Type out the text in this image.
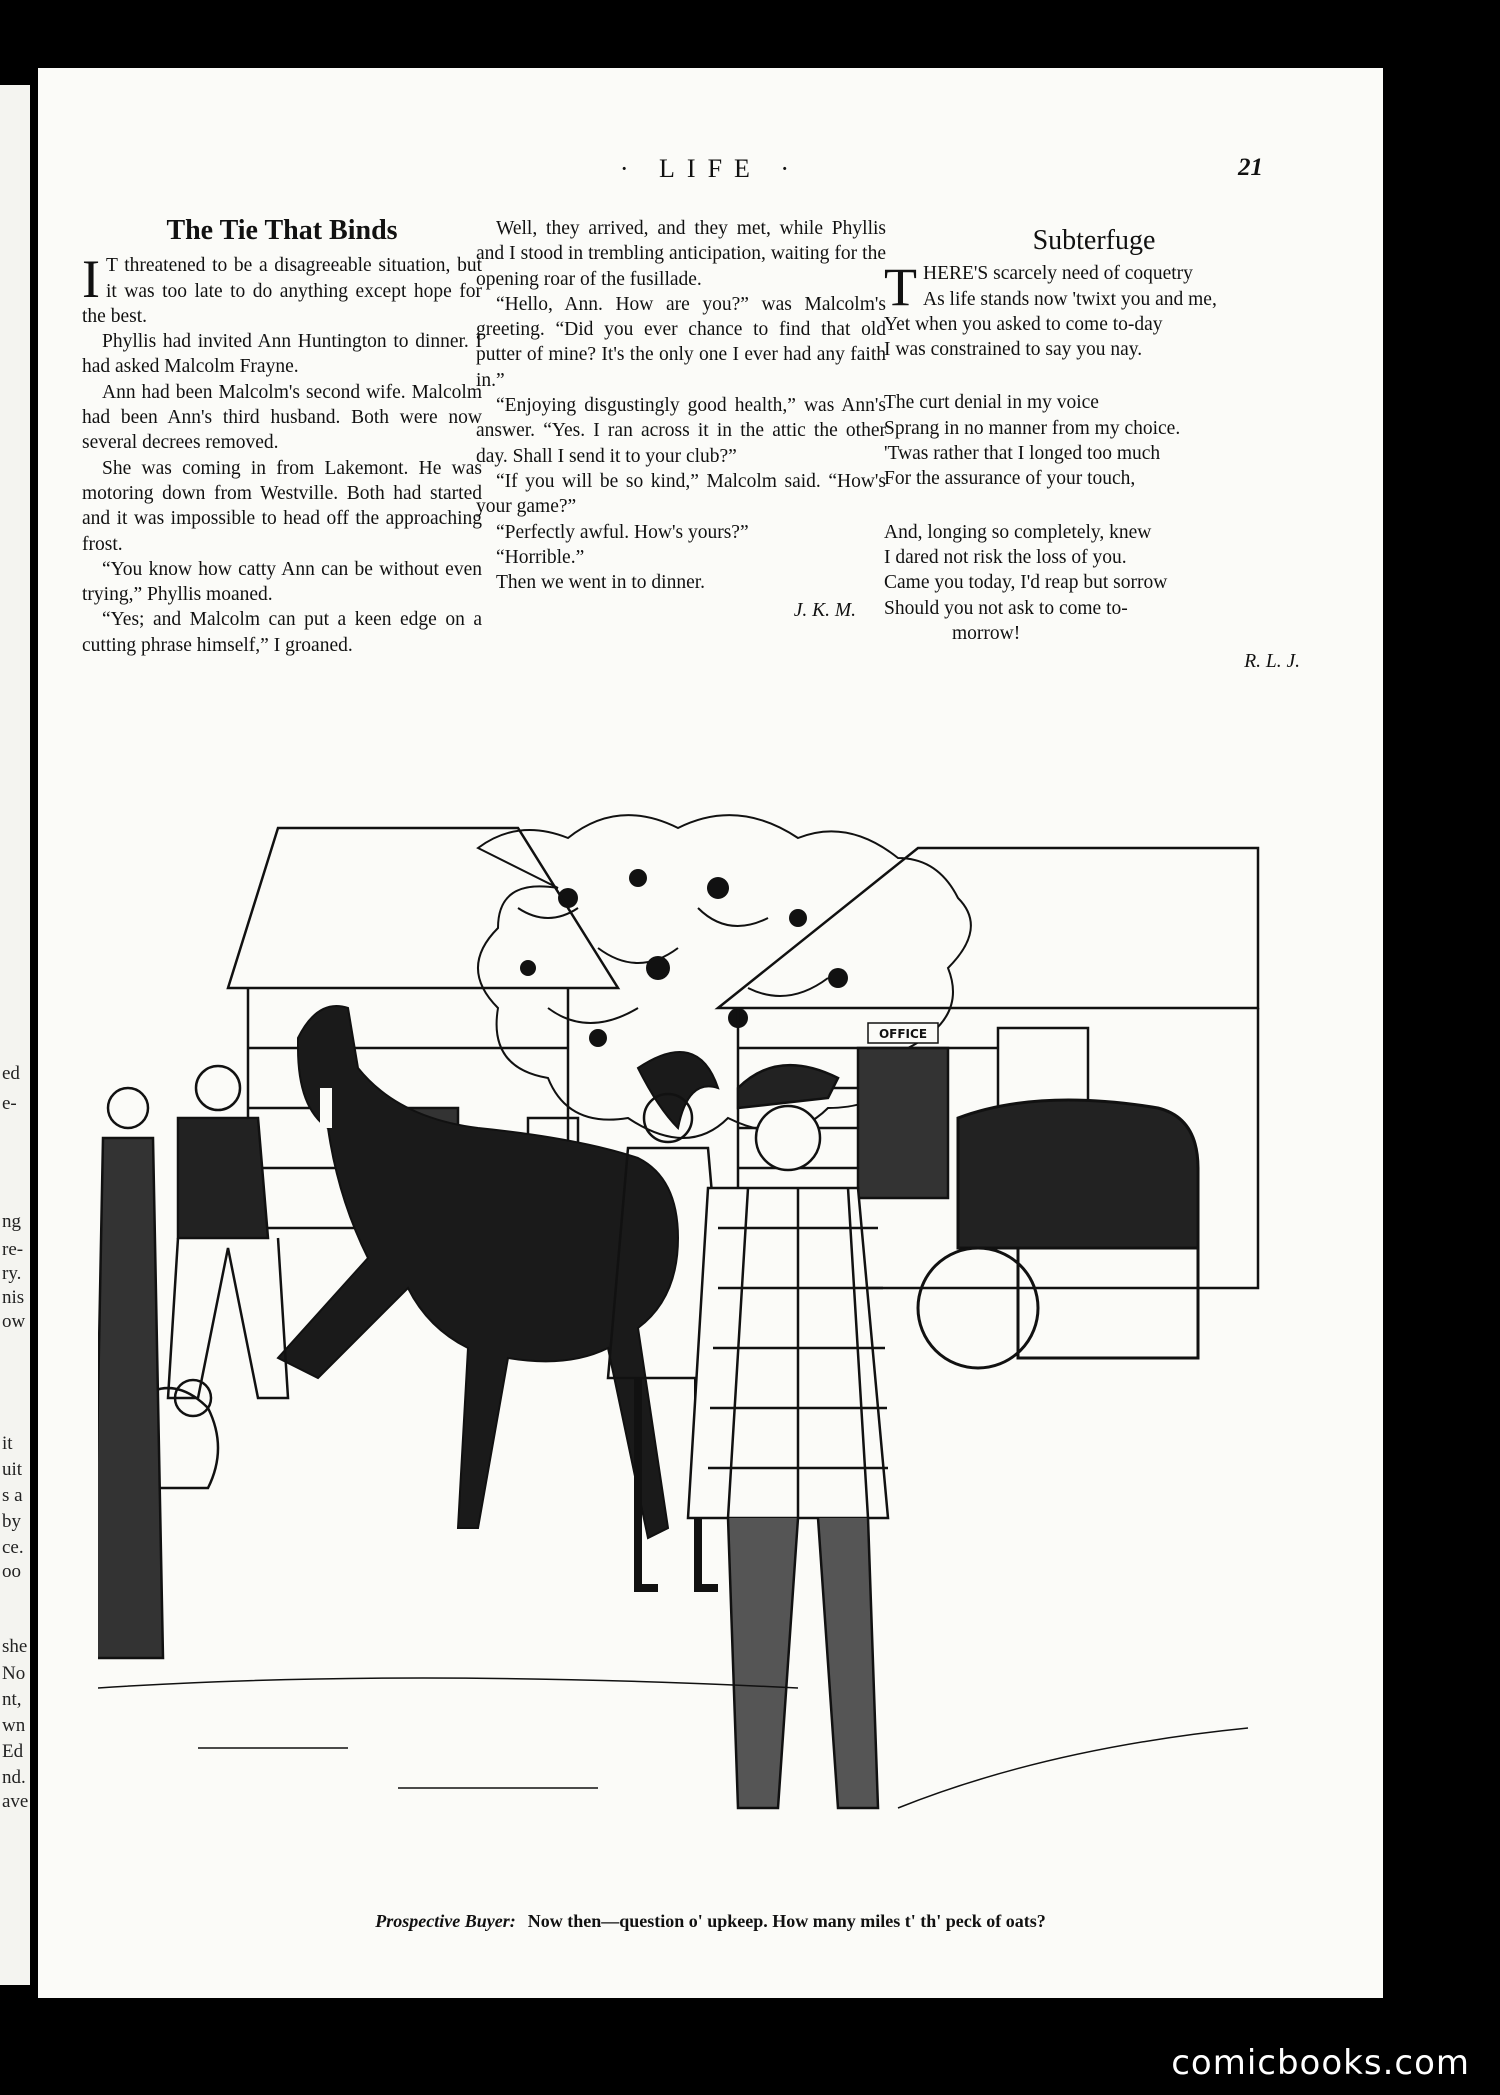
ed
e-
ng
re-
ry.
nis
ow
it
uit
s a
by
ce.
oo
she
No
nt,
wn
Ed
nd.
ave
· LIFE ·	21
The Tie That Binds

I T threatened to be a disagreeable situation, but it was too late to do anything except hope for the best.

Phyllis had invited Ann Huntington to dinner. I had asked Malcolm Frayne.

Ann had been Malcolm's second wife. Malcolm had been Ann's third husband. Both were now several decrees removed.

She was coming in from Lakemont. He was motoring down from Westville. Both had started and it was impossible to head off the approaching frost.

“You know how catty Ann can be without even trying,” Phyllis moaned.

“Yes; and Malcolm can put a keen edge on a cutting phrase himself,” I groaned.

Well, they arrived, and they met, while Phyllis and I stood in trembling anticipation, waiting for the opening roar of the fusillade.

“Hello, Ann. How are you?” was Malcolm's greeting. “Did you ever chance to find that old putter of mine? It's the only one I ever had any faith in.”

“Enjoying disgustingly good health,” was Ann's answer. “Yes. I ran across it in the attic the other day. Shall I send it to your club?”

“If you will be so kind,” Malcolm said. “How's your game?”

“Perfectly awful. How's yours?”

“Horrible.”

Then we went in to dinner.

J. K. M.
Subterfuge
T HERE'S scarcely need of coquetry
As life stands now 'twixt you and me,
Yet when you asked to come to-day
I was constrained to say you nay.
The curt denial in my voice
Sprang in no manner from my choice.
'Twas rather that I longed too much
For the assurance of your touch,
And, longing so completely, knew
I dared not risk the loss of you.
Came you today, I'd reap but sorrow
Should you not ask to come to-
morrow!
R. L. J.
OFFICE
Prospective Buyer: Now then—question o' upkeep. How many miles t' th' peck of oats?
comicbooks.com
